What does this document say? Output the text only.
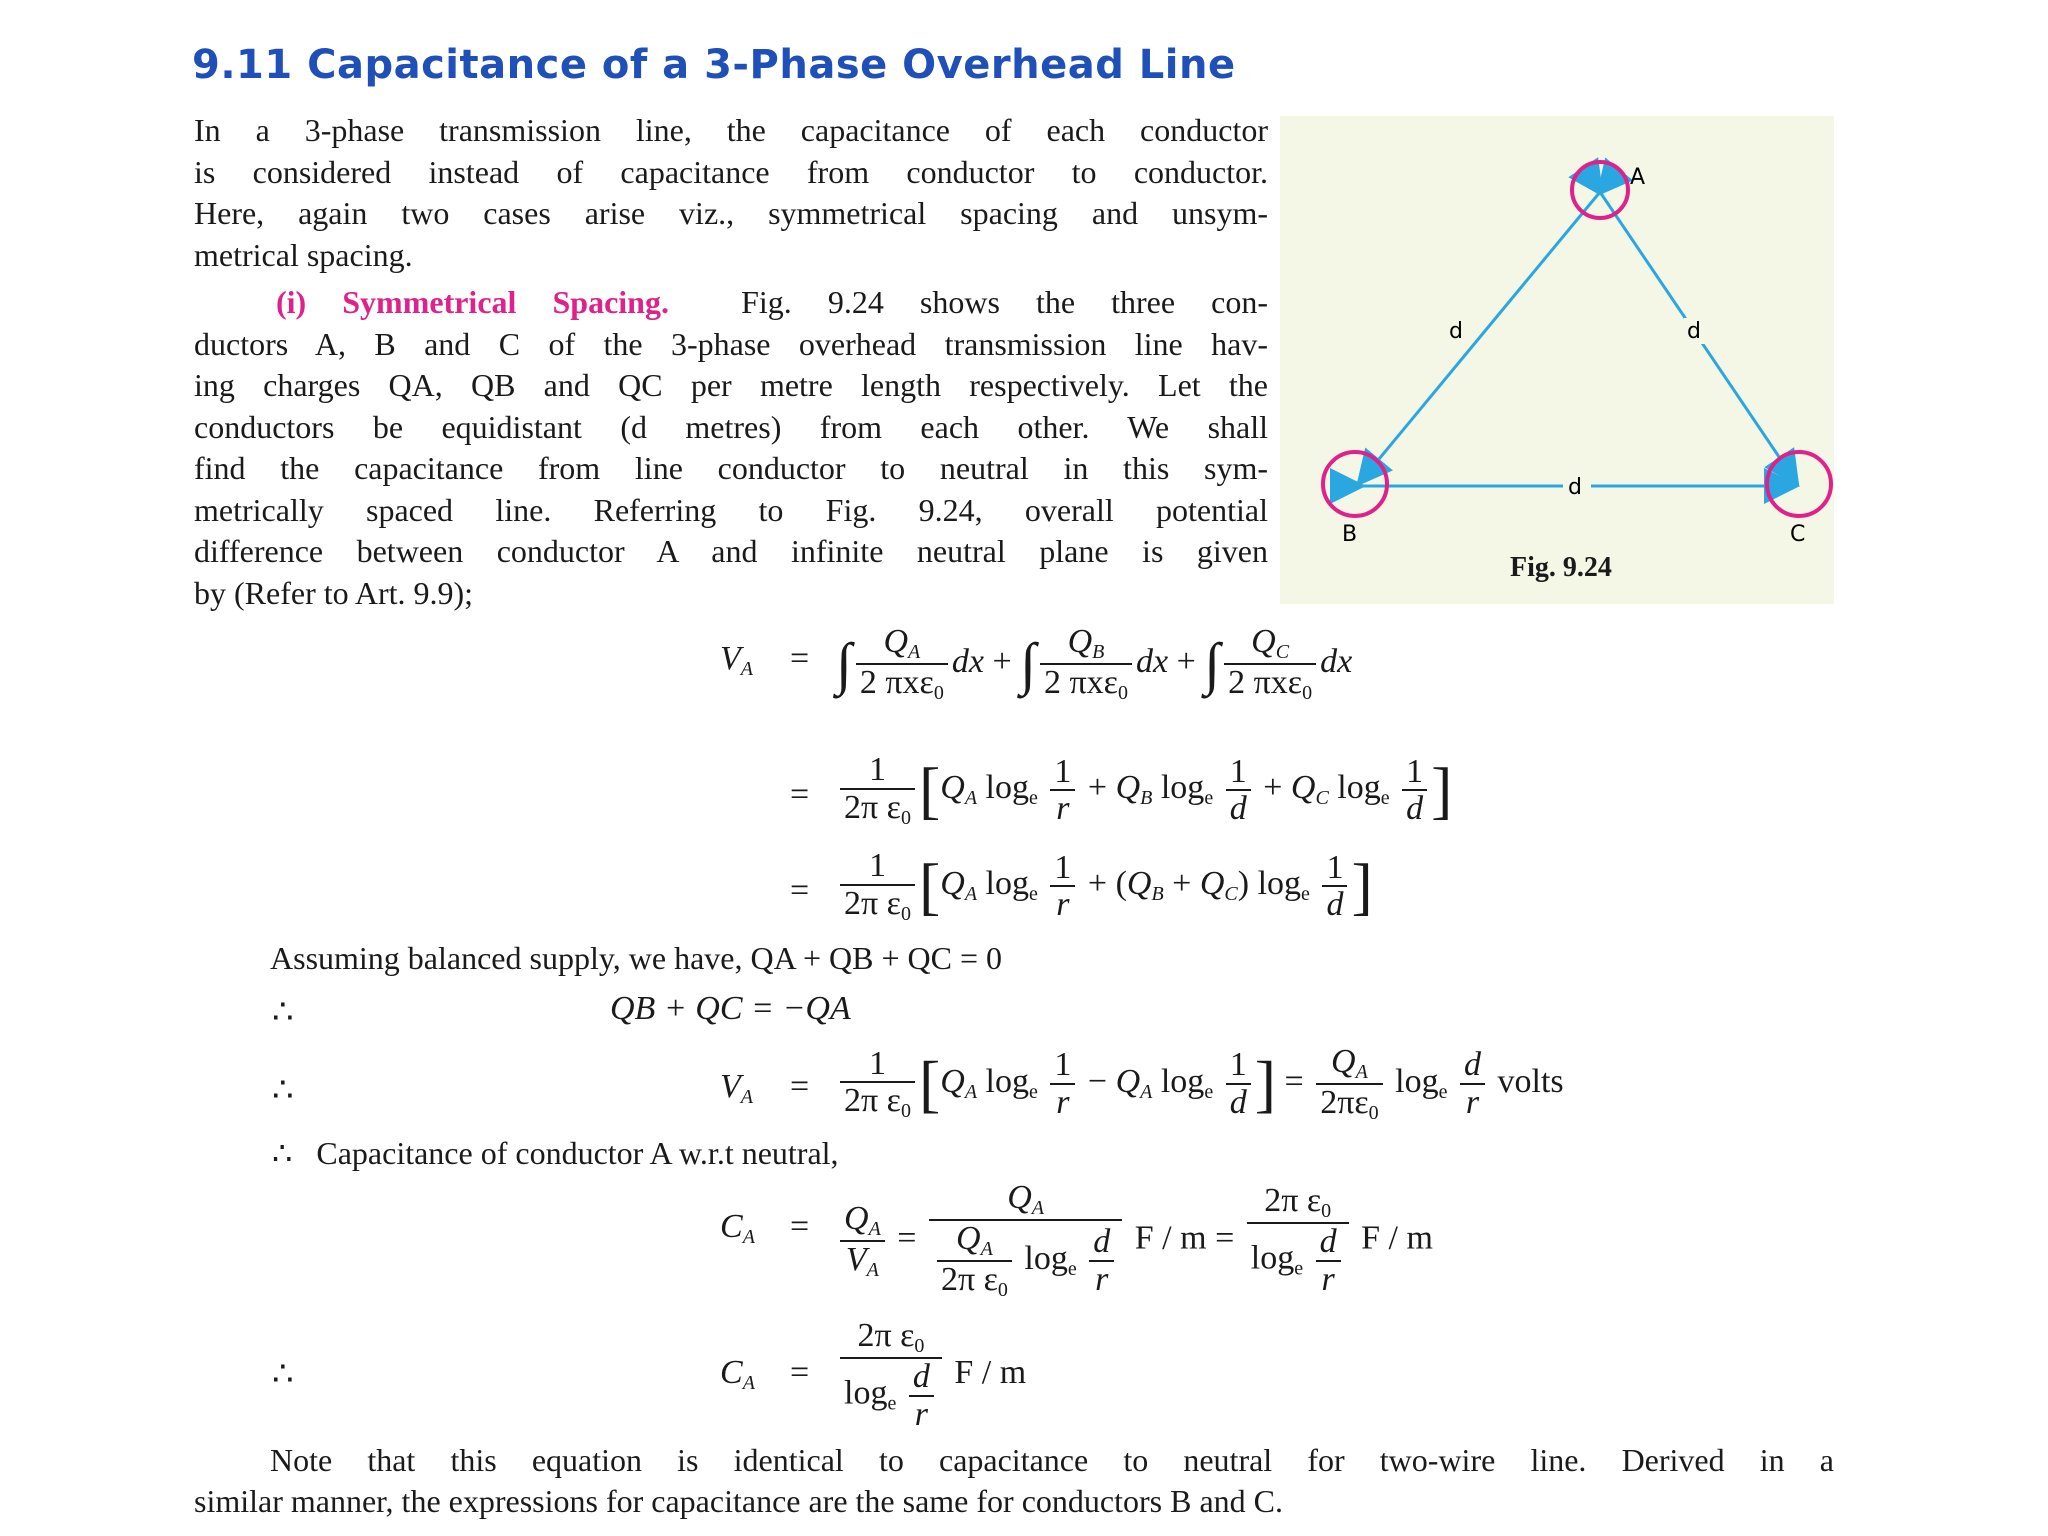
9.11 Capacitance of a 3-Phase Overhead Line
In a 3-phase transmission line, the capacitance of each conductor
is considered instead of capacitance from conductor to conductor.
Here, again two cases arise viz., symmetrical spacing and unsym-
metrical spacing.
(i) Symmetrical Spacing. Fig. 9.24 shows the three con-
ductors A, B and C of the 3-phase overhead transmission line hav-
ing charges QA, QB and QC per metre length respectively. Let the
conductors be equidistant (d metres) from each other. We shall
find the capacitance from line conductor to neutral in this sym-
metrically spaced line. Referring to Fig. 9.24, overall potential
difference between conductor A and infinite neutral plane is given
by (Refer to Art. 9.9);
A
B	C
d	d
d
Fig. 9.24
$V_A$ = ∫ $\frac{Q_A}{2 \pi x\varepsilon_0}$ dx + ∫ $\frac{Q_B}{2 \pi x\varepsilon_0}$ dx + ∫ $\frac{Q_C}{2 \pi x\varepsilon_0}$ dx
= $\frac{1}{2\pi \varepsilon_0} [Q_A$ $\log_e \frac{1}{r} + Q_B$ $\log_e \frac{1}{d} + Q_C$ $\log_e \frac{1}{d}$ ]
= $\frac{1}{2\pi \varepsilon_0} [Q_A$ $\log_e \frac{1}{r} + (Q_B + Q_C)$ $\log_e \frac{1}{d}$ ]
Assuming balanced supply, we have, QA + QB + QC = 0
∴	QB + QC = −QA
∴	$V_A = \frac{1}{2\pi \varepsilon_0} [Q_A$ $\log_e \frac{1}{r} - Q_A$ $\log_e \frac{1}{d}$ ] = $\frac{Q_A}{2\pi\varepsilon_0} \log_e \frac{d}{r}$ volts
∴ Capacitance of conductor A w.r.t neutral,
$C_A = \frac{Q_A}{V_A} = \frac{Q_A}{\frac{Q_A}{2\pi \varepsilon_0} \log_e \frac{d}{r}}$ $F / m = \frac{2\pi \varepsilon_0}{\log_e \frac{d}{r}}$ F / m
∴	$C_A = \frac{2\pi \varepsilon_0}{\log_e \frac{d}{r}}$ F / m
Note that this equation is identical to capacitance to neutral for two-wire line. Derived in a
similar manner, the expressions for capacitance are the same for conductors B and C.
